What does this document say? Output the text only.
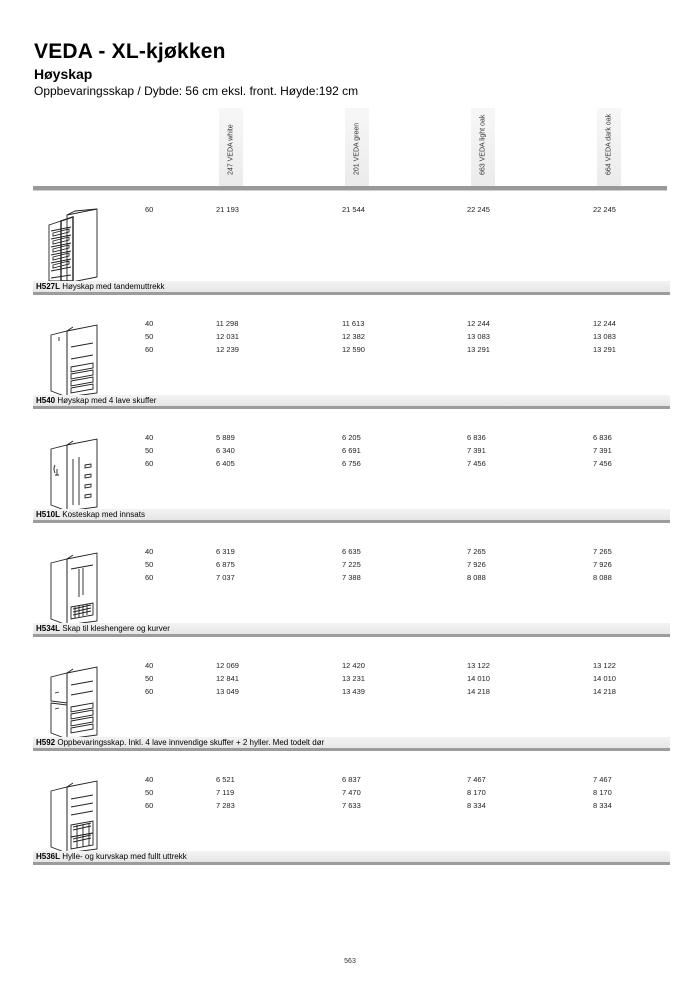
VEDA - XL-kjøkken
Høyskap

Oppbevaringsskap / Dybde: 56 cm eksl. front. Høyde:192 cm

247 VEDA white	201 VEDA green	663 VEDA light oak	664 VEDA dark oak
60	21 193	21 544	22 245	22 245
H527L Høyskap med tandemuttrekk
40	11 298	11 613	12 244	12 244
50	12 031	12 382	13 083	13 083
60	12 239	12 590	13 291	13 291
H540 Høyskap med 4 lave skuffer
40	5 889	6 205	6 836	6 836
50	6 340	6 691	7 391	7 391
60	6 405	6 756	7 456	7 456
H510L Kosteskap med innsats
40	6 319	6 635	7 265	7 265
50	6 875	7 225	7 926	7 926
60	7 037	7 388	8 088	8 088
H534L Skap til kleshengere og kurver
40	12 069	12 420	13 122	13 122
50	12 841	13 231	14 010	14 010
60	13 049	13 439	14 218	14 218
H592 Oppbevaringsskap. Inkl. 4 lave innvendige skuffer + 2 hyller. Med todelt dør
40	6 521	6 837	7 467	7 467
50	7 119	7 470	8 170	8 170
60	7 283	7 633	8 334	8 334
H536L Hylle- og kurvskap med fullt uttrekk
563
